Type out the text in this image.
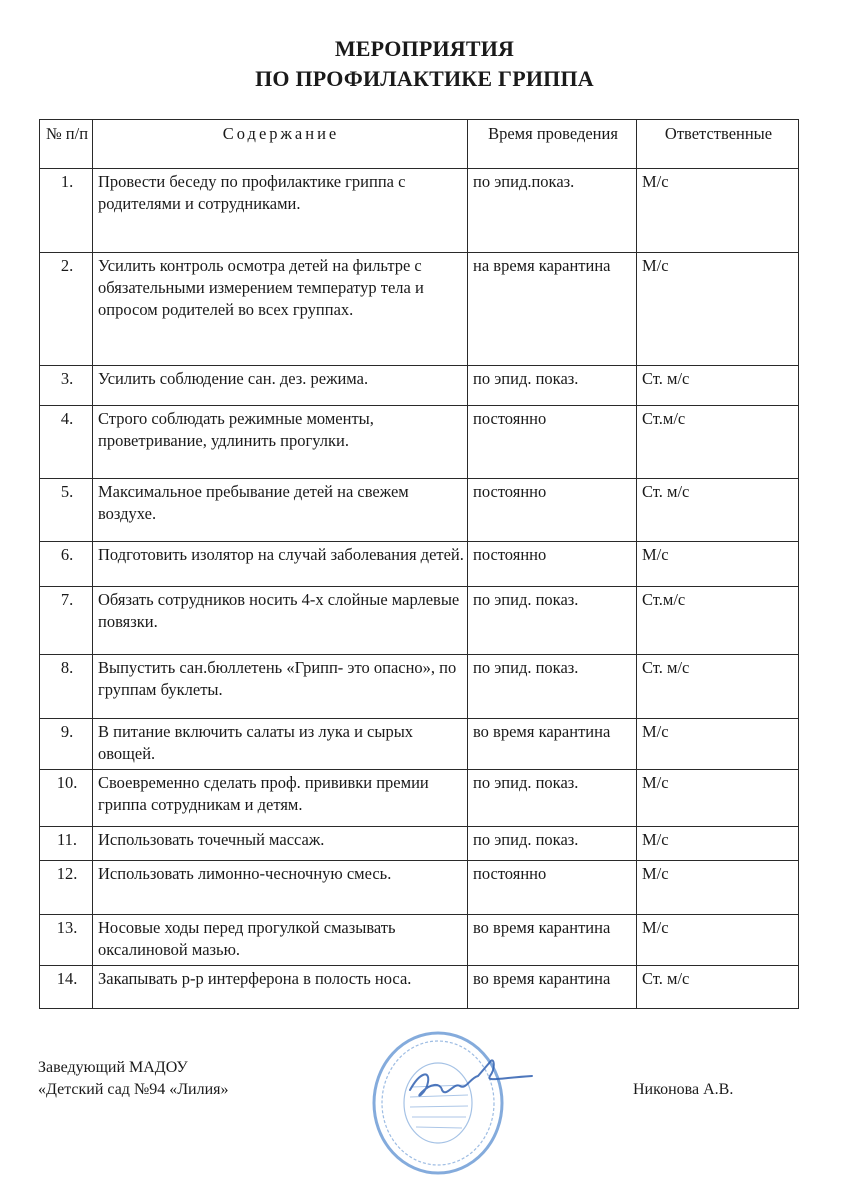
МЕРОПРИЯТИЯ
ПО ПРОФИЛАКТИКЕ ГРИППА
№ п/п	Содержание	Время проведения	Ответственные
1.	Провести беседу по профилактике гриппа с родителями и сотрудниками.	по эпид.показ.	М/с
2.	Усилить контроль осмотра детей на фильтре с обязательными измерением температур тела и опросом родителей во всех группах.	на время карантина	М/с
3.	Усилить соблюдение сан. дез. режима.	по эпид. показ.	Ст. м/с
4.	Строго соблюдать режимные моменты, проветривание, удлинить прогулки.	постоянно	Ст.м/с
5.	Максимальное пребывание детей на свежем воздухе.	постоянно	Ст. м/с
6.	Подготовить изолятор на случай заболевания детей.	постоянно	М/с
7.	Обязать сотрудников носить 4-х слойные марлевые повязки.	по эпид. показ.	Ст.м/с
8.	Выпустить сан.бюллетень «Грипп- это опасно», по группам буклеты.	по эпид. показ.	Ст. м/с
9.	В питание включить салаты из лука и сырых овощей.	во время карантина	М/с
10.	Своевременно сделать проф. прививки премии гриппа сотрудникам и детям.	по эпид. показ.	М/с
11.	Использовать точечный массаж.	по эпид. показ.	М/с
12.	Использовать лимонно-чесночную смесь.	постоянно	М/с
13.	Носовые ходы перед прогулкой смазывать оксалиновой мазью.	во время карантина	М/с
14.	Закапывать р-р интерферона в полость носа.	во время карантина	Ст. м/с
Заведующий МАДОУ
«Детский сад №94 «Лилия»	Никонова А.В.
